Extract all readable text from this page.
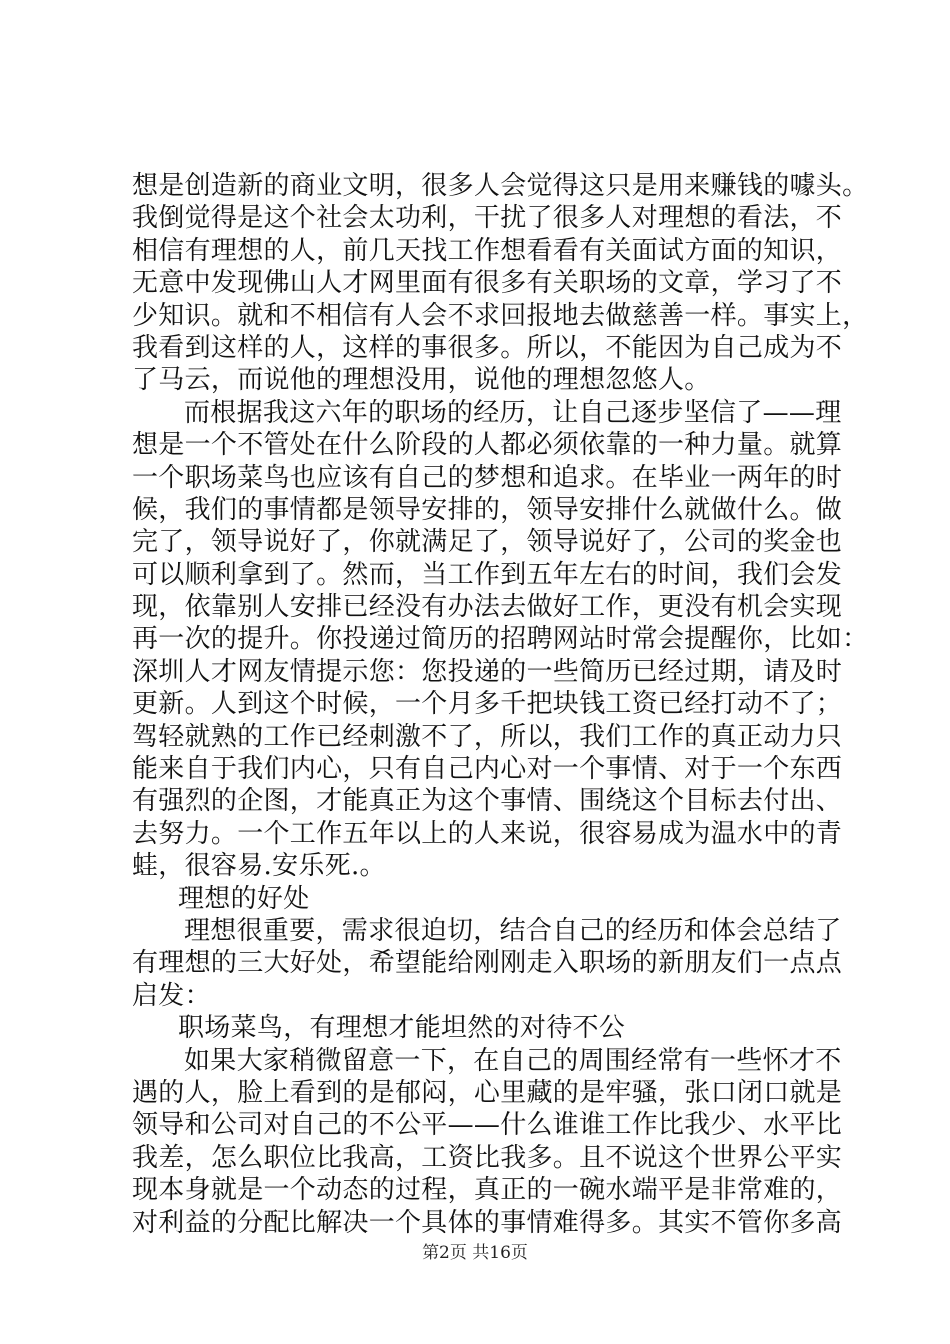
想是创造新的商业文明，很多人会觉得这只是用来赚钱的噱头。
我倒觉得是这个社会太功利，干扰了很多人对理想的看法，不
相信有理想的人，前几天找工作想看看有关面试方面的知识，
无意中发现佛山人才网里面有很多有关职场的文章，学习了不
少知识。就和不相信有人会不求回报地去做慈善一样。事实上，
我看到这样的人，这样的事很多。所以，不能因为自己成为不
了马云，而说他的理想没用，说他的理想忽悠人。
而根据我这六年的职场的经历，让自己逐步坚信了——理
想是一个不管处在什么阶段的人都必须依靠的一种力量。就算
一个职场菜鸟也应该有自己的梦想和追求。在毕业一两年的时
候，我们的事情都是领导安排的，领导安排什么就做什么。做
完了，领导说好了，你就满足了，领导说好了，公司的奖金也
可以顺利拿到了。然而，当工作到五年左右的时间，我们会发
现，依靠别人安排已经没有办法去做好工作，更没有机会实现
再一次的提升。你投递过简历的招聘网站时常会提醒你，比如：
深圳人才网友情提示您：您投递的一些简历已经过期，请及时
更新。人到这个时候，一个月多千把块钱工资已经打动不了；
驾轻就熟的工作已经刺激不了，所以，我们工作的真正动力只
能来自于我们内心，只有自己内心对一个事情、对于一个东西
有强烈的企图，才能真正为这个事情、围绕这个目标去付出、
去努力。一个工作五年以上的人来说，很容易成为温水中的青
蛙，很容易.安乐死.。
理想的好处
理想很重要，需求很迫切，结合自己的经历和体会总结了
有理想的三大好处，希望能给刚刚走入职场的新朋友们一点点
启发：
职场菜鸟，有理想才能坦然的对待不公
如果大家稍微留意一下，在自己的周围经常有一些怀才不
遇的人，脸上看到的是郁闷，心里藏的是牢骚，张口闭口就是
领导和公司对自己的不公平——什么谁谁工作比我少、水平比
我差，怎么职位比我高，工资比我多。且不说这个世界公平实
现本身就是一个动态的过程，真正的一碗水端平是非常难的，
对利益的分配比解决一个具体的事情难得多。其实不管你多高
第2页 共16页
